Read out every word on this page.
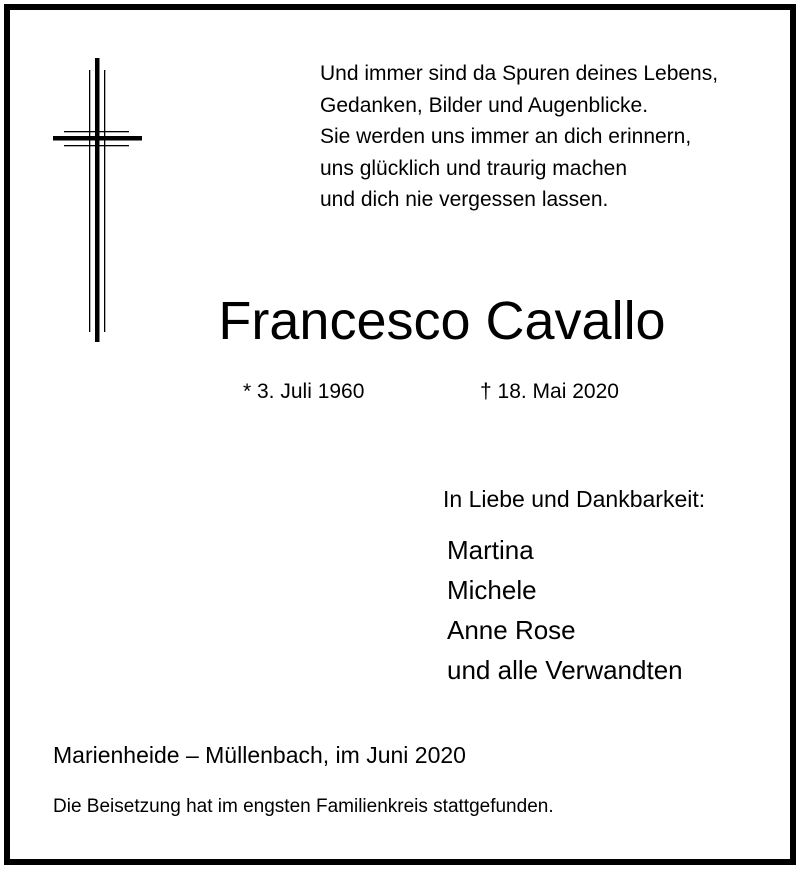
Und immer sind da Spuren deines Lebens,
Gedanken, Bilder und Augenblicke.
Sie werden uns immer an dich erinnern,
uns glücklich und traurig machen
und dich nie vergessen lassen.
Francesco Cavallo
* 3. Juli 1960	† 18. Mai 2020
In Liebe und Dankbarkeit:
Martina
Michele
Anne Rose
und alle Verwandten
Marienheide – Müllenbach, im Juni 2020
Die Beisetzung hat im engsten Familienkreis stattgefunden.
